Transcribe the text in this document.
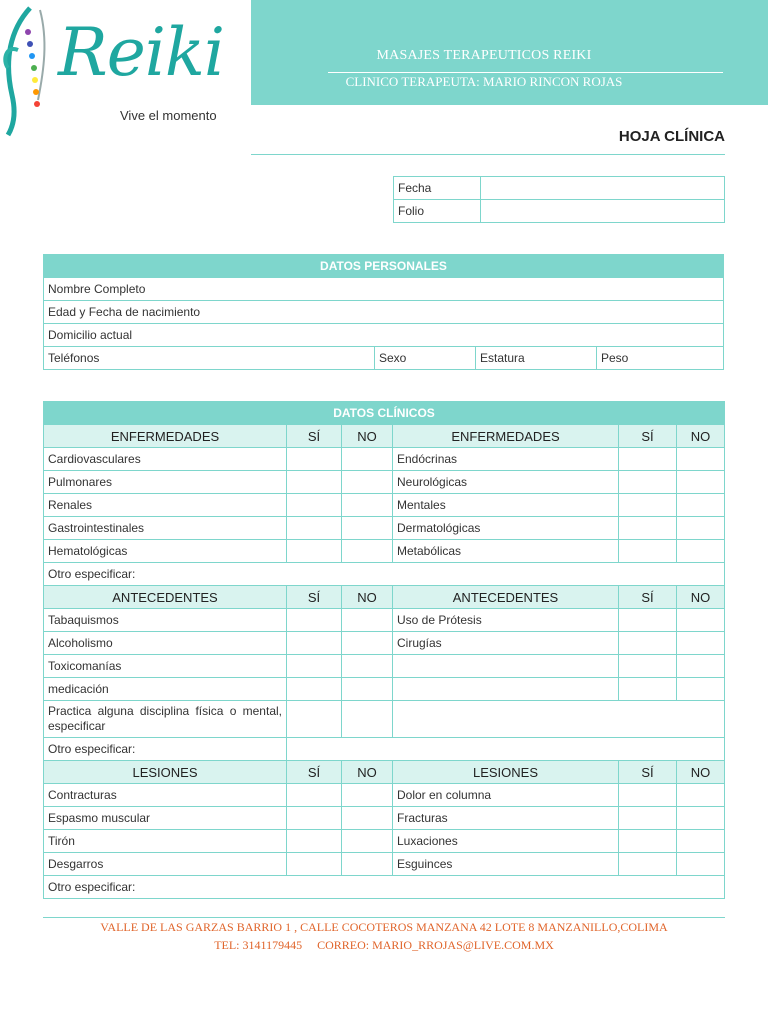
Reiki
Vive el momento
MASAJES TERAPEUTICOS REIKI
CLINICO TERAPEUTA: MARIO RINCON ROJAS
HOJA CLÍNICA
Fecha	
Folio	
DATOS PERSONALES
Nombre Completo
Edad y Fecha de nacimiento
Domicilio actual
Teléfonos	Sexo	Estatura	Peso
DATOS CLÍNICOS					
ENFERMEDADES	SÍ	NO	ENFERMEDADES	SÍ	NO
Cardiovasculares			Endócrinas		
Pulmonares			Neurológicas		
Renales			Mentales		
Gastrointestinales			Dermatológicas		
Hematológicas			Metabólicas		
Otro especificar:					
ANTECEDENTES	SÍ	NO	ANTECEDENTES	SÍ	NO
Tabaquismos			Uso de Prótesis		
Alcoholismo			Cirugías		
Toxicomanías					
medicación					
Practica alguna disciplina física o mental, especificar					
Otro especificar:					
LESIONES	SÍ	NO	LESIONES	SÍ	NO
Contracturas			Dolor en columna		
Espasmo muscular			Fracturas		
Tirón			Luxaciones		
Desgarros			Esguinces		
Otro especificar:					
VALLE DE LAS GARZAS BARRIO 1 , CALLE COCOTEROS MANZANA 42 LOTE 8 MANZANILLO,COLIMA
TEL: 3141179445     CORREO: MARIO_RROJAS@LIVE.COM.MX
